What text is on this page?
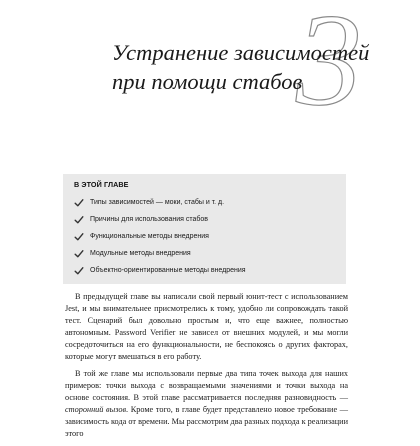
3
Устранение зависимостей
при помощи стабов
В ЭТОЙ ГЛАВЕ
Типы зависимостей — моки, стабы и т. д.
Причины для использования стабов
Функциональные методы внедрения
Модульные методы внедрения
Объектно-ориентированные методы внедрения

В предыдущей главе вы написали свой первый юнит-тест с использованием Jest, и мы внимательнее присмотрелись к тому, удобно ли сопровождать такой тест. Сценарий был довольно простым и, что еще важнее, полностью автономным. Password Verifier не зависел от внешних модулей, и мы могли сосредоточиться на его функциональности, не беспокоясь о других факторах, которые могут вмешаться в его работу.

В той же главе мы использовали первые два типа точек выхода для наших примеров: точки выхода с возвращаемыми значениями и точки выхода на основе состояния. В этой главе рассматривается последняя разновидность — сторонний вызов. Кроме того, в главе будет представлено новое требование — зависимость кода от времени. Мы рассмотрим два разных подхода к реализации этого
